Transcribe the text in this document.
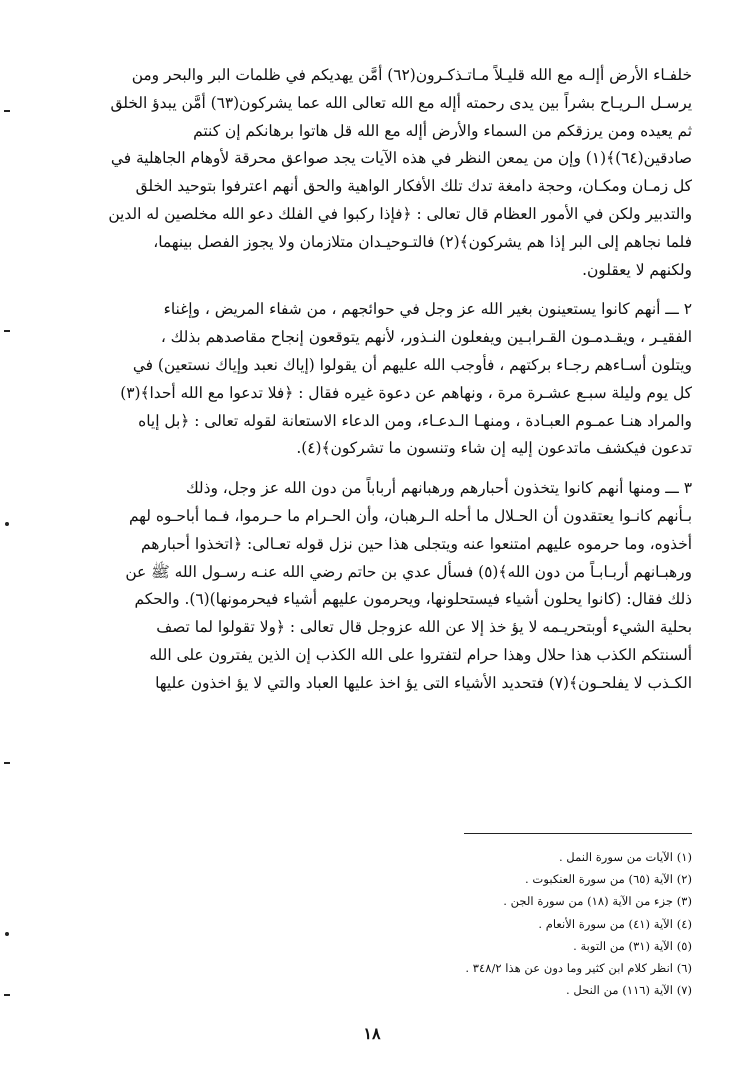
خلفـاء الأرض أإلـه مع الله قليـلاً مـاتـذكـرون(٦٢) أمَّن يهديكم في ظلمات البر والبحر ومن
يرسـل الـريـاح بشراً بين يدى رحمته أإله مع الله تعالى الله عما يشركون(٦٣) أمَّن يبدؤ الخلق
ثم يعيده ومن يرزقكم من السماء والأرض أإله مع الله قل هاتوا برهانكم إن كنتم
صادقين(٦٤)﴾(١) وإن من يمعن النظر في هذه الآيات يجد صواعق محرقة لأوهام الجاهلية في
كل زمـان ومكـان، وحجة دامغة تدك تلك الأفكار الواهية والحق أنهم اعترفوا بتوحيد الخلق
والتدبير ولكن في الأمور العظام قال تعالى : ﴿فإذا ركبوا في الفلك دعو الله مخلصين له الدين
فلما نجاهم إلى البر إذا هم يشركون﴾(٢) فالتـوحيـدان متلازمان ولا يجوز الفصل بينهما،
ولكنهم لا يعقلون.

٢ ـــ أنهم كانوا يستعينون بغير الله عز وجل في حوائجهم ، من شفاء المريض ، وإغناء
الفقيـر ، ويقـدمـون القـرابـين ويفعلون النـذور، لأنهم يتوقعون إنجاح مقاصدهم بذلك ،
ويتلون أسـاءهم رجـاء بركتهم ، فأوجب الله عليهم أن يقولوا (إياك نعبد وإياك نستعين) في
كل يوم وليلة سبـع عشـرة مرة ، ونهاهم عن دعوة غيره فقال : ﴿فلا تدعوا مع الله أحدا﴾(٣)
والمراد هنـا عمـوم العبـادة ، ومنهـا الـدعـاء، ومن الدعاء الاستعانة لقوله تعالى : ﴿بل إياه
تدعون فيكشف ماتدعون إليه إن شاء وتنسون ما تشركون﴾(٤).

٣ ـــ ومنها أنهم كانوا يتخذون أحبارهم ورهبانهم أرباباً من دون الله عز وجل، وذلك
بـأنهم كانـوا يعتقدون أن الحـلال ما أحله الـرهبان، وأن الحـرام ما حـرموا، فـما أباحـوه لهم
أخذوه، وما حرموه عليهم امتنعوا عنه ويتجلى هذا حين نزل قوله تعـالى: ﴿اتخذوا أحبارهم
ورهبـانهم أربـابـاً من دون الله﴾(٥) فسأل عدي بن حاتم رضي الله عنـه رسـول الله ﷺ عن
ذلك فقال: (كانوا يحلون أشياء فيستحلونها، ويحرمون عليهم أشياء فيحرمونها)(٦). والحكم
بحلية الشيء أوبتحريـمه لا يؤ خذ إلا عن الله عزوجل قال تعالى : ﴿ولا تقولوا لما تصف
ألسنتكم الكذب هذا حلال وهذا حرام لتفتروا على الله الكذب إن الذين يفترون على الله
الكـذب لا يفلحـون﴾(٧) فتحديد الأشياء التى يؤ اخذ عليها العباد والتي لا يؤ اخذون عليها

(١) الآيات من سورة النمل .
(٢) الآية (٦٥) من سورة العنكبوت .
(٣) جزء من الآية (١٨) من سورة الجن .
(٤) الآية (٤١) من سورة الأنعام .
(٥) الآية (٣١) من التوبة .
(٦) انظر كلام ابن كثير وما دون عن هذا ٣٤٨/٢ .
(٧) الآية (١١٦) من النحل .
١٨
